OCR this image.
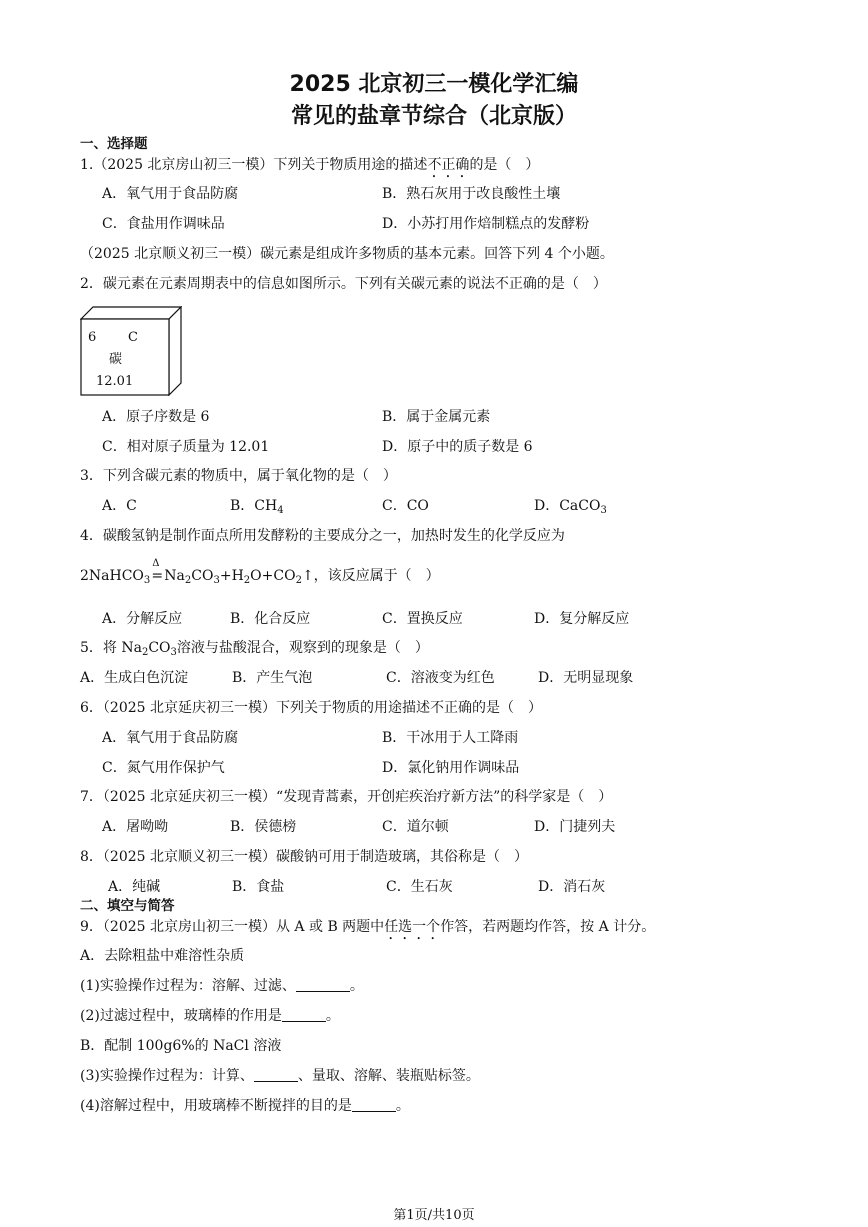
2025 北京初三一模化学汇编
常见的盐章节综合（北京版）
一、选择题
1.（2025 北京房山初三一模）下列关于物质用途的描述不正确的是（　）
A．氧气用于食品防腐	B．熟石灰用于改良酸性土壤
C．食盐用作调味品	D．小苏打用作焙制糕点的发酵粉
（2025 北京顺义初三一模）碳元素是组成许多物质的基本元素。回答下列 4 个小题。
2．碳元素在元素周期表中的信息如图所示。下列有关碳元素的说法不正确的是（　）
6 C
碳
12.01
A．原子序数是 6	B．属于金属元素
C．相对原子质量为 12.01	D．原子中的质子数是 6
3．下列含碳元素的物质中，属于氧化物的是（　）
A．C	B．$CH_4$	C．CO	D．CaCO$_3$
4．碳酸氢钠是制作面点所用发酵粉的主要成分之一，加热时发生的化学反应为
2NaHCO$_3$
Δ
$=Na_2CO_3+H_2O+CO_2↑$，该反应属于（　）
A．分解反应	B．化合反应	C．置换反应	D．复分解反应
5．将 $Na_2CO_3$溶液与盐酸混合，观察到的现象是（　）
A．生成白色沉淀	B．产生气泡	C．溶液变为红色	D．无明显现象
6．（2025 北京延庆初三一模）下列关于物质的用途描述不正确的是（　）
A．氧气用于食品防腐	B．干冰用于人工降雨
C．氮气用作保护气	D．氯化钠用作调味品
7．（2025 北京延庆初三一模）“发现青蒿素，开创疟疾治疗新方法”的科学家是（　）
A．屠呦呦	B．侯德榜	C．道尔顿	D．门捷列夫
8．（2025 北京顺义初三一模）碳酸钠可用于制造玻璃，其俗称是（　）
A．纯碱	B．食盐	C．生石灰	D．消石灰
二、填空与简答
9．（2025 北京房山初三一模）从 A 或 B 两题中任选一个作答，若两题均作答，按 A 计分。
A．去除粗盐中难溶性杂质
(1)实验操作过程为：溶解、过滤、	。
(2)过滤过程中，玻璃棒的作用是	。
B．配制 100g6%的 NaCl 溶液
(3)实验操作过程为：计算、	、量取、溶解、装瓶贴标签。
(4)溶解过程中，用玻璃棒不断搅拌的目的是	。
第1页/共10页
